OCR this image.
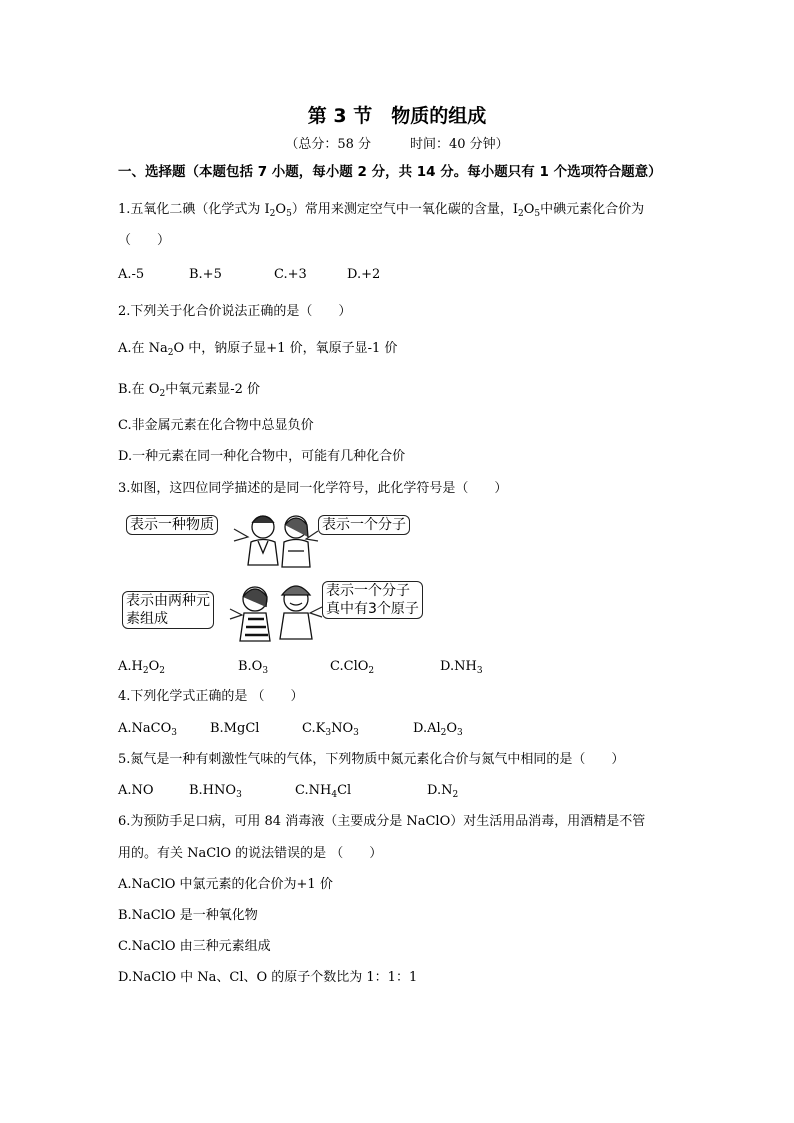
第 3 节　物质的组成
（总分：58 分　　　时间：40 分钟）
一、选择题（本题包括 7 小题，每小题 2 分，共 14 分。每小题只有 1 个选项符合题意）
1.五氧化二碘（化学式为 $I_2O_5$）常用来测定空气中一氧化碳的含量，$I_2O_5$中碘元素化合价为
（　　）
A.-5	B.+5	C.+3	D.+2
2.下列关于化合价说法正确的是（　　）
A.在 $Na_2O$ 中，钠原子显+1 价，氧原子显-1 价
B.在 $O_2$中氧元素显-2 价
C.非金属元素在化合物中总显负价
D.一种元素在同一种化合物中，可能有几种化合价
3.如图，这四位同学描述的是同一化学符号，此化学符号是（　　）
表示一种物质	表示一个分子
表示由两种元
素组成
表示一个分子
真中有3个原子
$A.H_2O_2$	$B.O_3$	C.ClO$_2$	$D.NH_3$
4.下列化学式正确的是 （　　）
A.NaCO$_3$	B.MgCl	$C.K_3NO_3$	$D.Al_2O_3$
5.氮气是一种有刺激性气味的气体，下列物质中氮元素化合价与氮气中相同的是（　　）
A.NO	$B.HNO_3$	$C.NH_4Cl$	$D.N_2$
6.为预防手足口病，可用 84 消毒液（主要成分是 NaClO）对生活用品消毒，用酒精是不管
用的。有关 NaClO 的说法错误的是 （　　）
A.NaClO 中氯元素的化合价为+1 价
B.NaClO 是一种氧化物
C.NaClO 由三种元素组成
D.NaClO 中 Na、Cl、O 的原子个数比为 1：1：1
